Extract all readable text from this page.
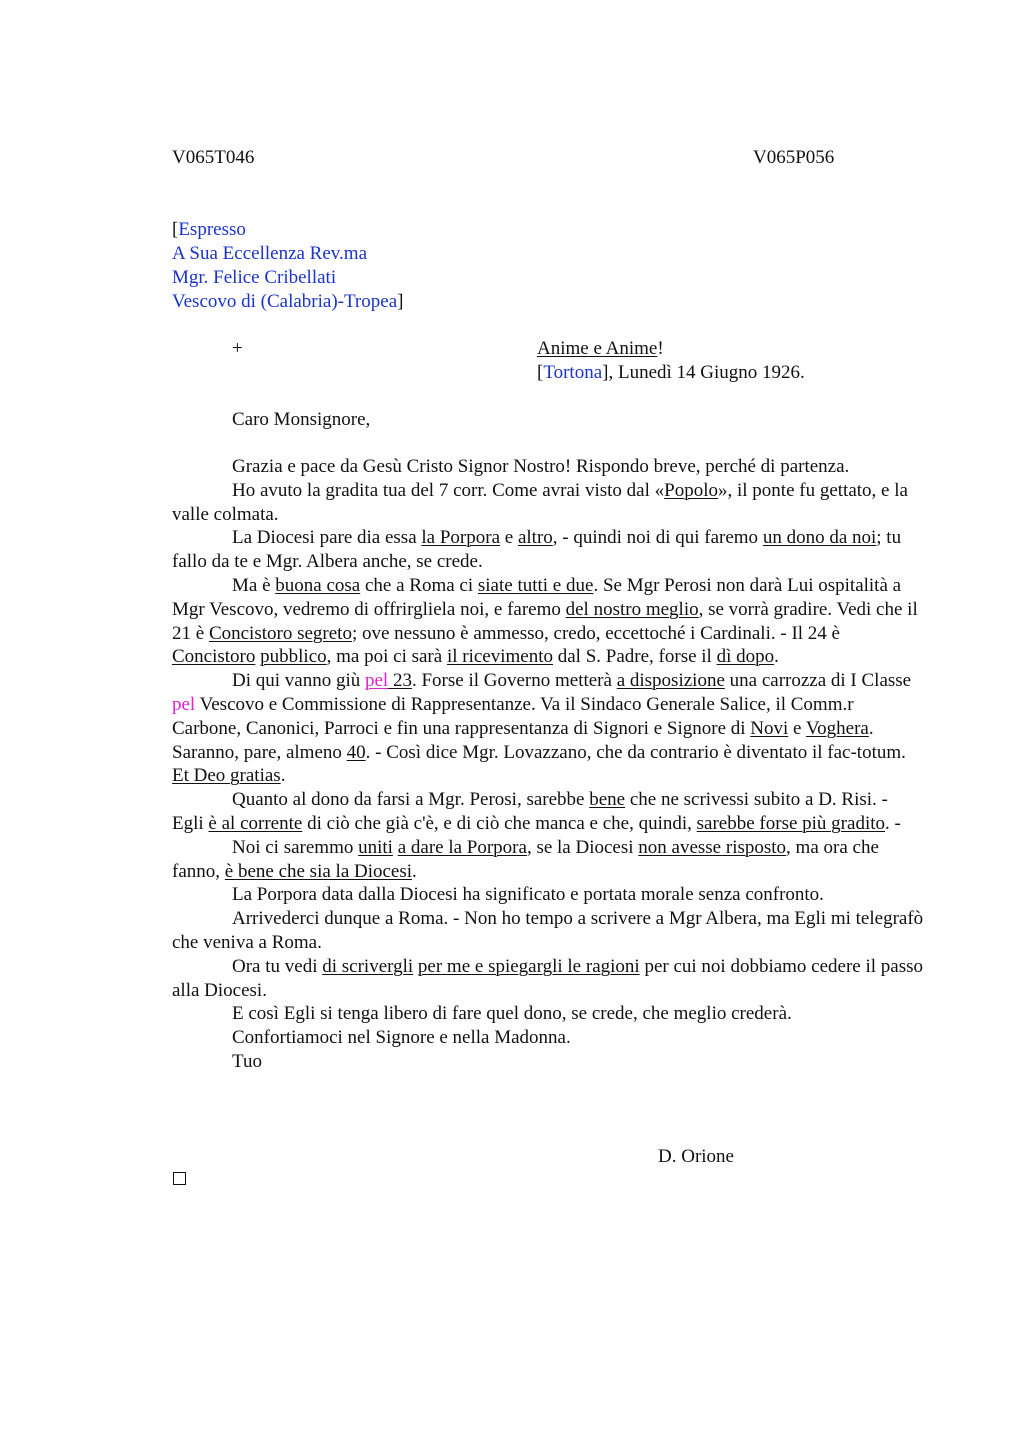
V065T046	V065P056
[Espresso
A Sua Eccellenza Rev.ma
Mgr. Felice Cribellati
Vescovo di (Calabria)-Tropea]
+	Anime e Anime!
[Tortona], Lunedì 14 Giugno 1926.
Caro Monsignore,

Grazia e pace da Gesù Cristo Signor Nostro! Rispondo breve, perché di partenza.

Ho avuto la gradita tua del 7 corr. Come avrai visto dal «Popolo», il ponte fu gettato, e la valle colmata.

La Diocesi pare dia essa la Porpora e altro, - quindi noi di qui faremo un dono da noi; tu fallo da te e Mgr. Albera anche, se crede.

Ma è buona cosa che a Roma ci siate tutti e due. Se Mgr Perosi non darà Lui ospitalità a Mgr Vescovo, vedremo di offrirgliela noi, e faremo del nostro meglio, se vorrà gradire. Vedi che il 21 è Concistoro segreto; ove nessuno è ammesso, credo, eccettoché i Cardinali. - Il 24 è Concistoro pubblico, ma poi ci sarà il ricevimento dal S. Padre, forse il dì dopo.

Di qui vanno giù pel 23. Forse il Governo metterà a disposizione una carrozza di I Classe pel Vescovo e Commissione di Rappresentanze. Va il Sindaco Generale Salice, il Comm.r Carbone, Canonici, Parroci e fin una rappresentanza di Signori e Signore di Novi e Voghera. Saranno, pare, almeno 40. - Così dice Mgr. Lovazzano, che da contrario è diventato il fac-totum. Et Deo gratias.

Quanto al dono da farsi a Mgr. Perosi, sarebbe bene che ne scrivessi subito a D. Risi. - Egli è al corrente di ciò che già c'è, e di ciò che manca e che, quindi, sarebbe forse più gradito. -

Noi ci saremmo uniti a dare la Porpora, se la Diocesi non avesse risposto, ma ora che fanno, è bene che sia la Diocesi.

La Porpora data dalla Diocesi ha significato e portata morale senza confronto.

Arrivederci dunque a Roma. - Non ho tempo a scrivere a Mgr Albera, ma Egli mi telegrafò che veniva a Roma.

Ora tu vedi di scrivergli per me e spiegargli le ragioni per cui noi dobbiamo cedere il passo alla Diocesi.

E così Egli si tenga libero di fare quel dono, se crede, che meglio crederà.

Confortiamoci nel Signore e nella Madonna.

Tuo

D. Orione
